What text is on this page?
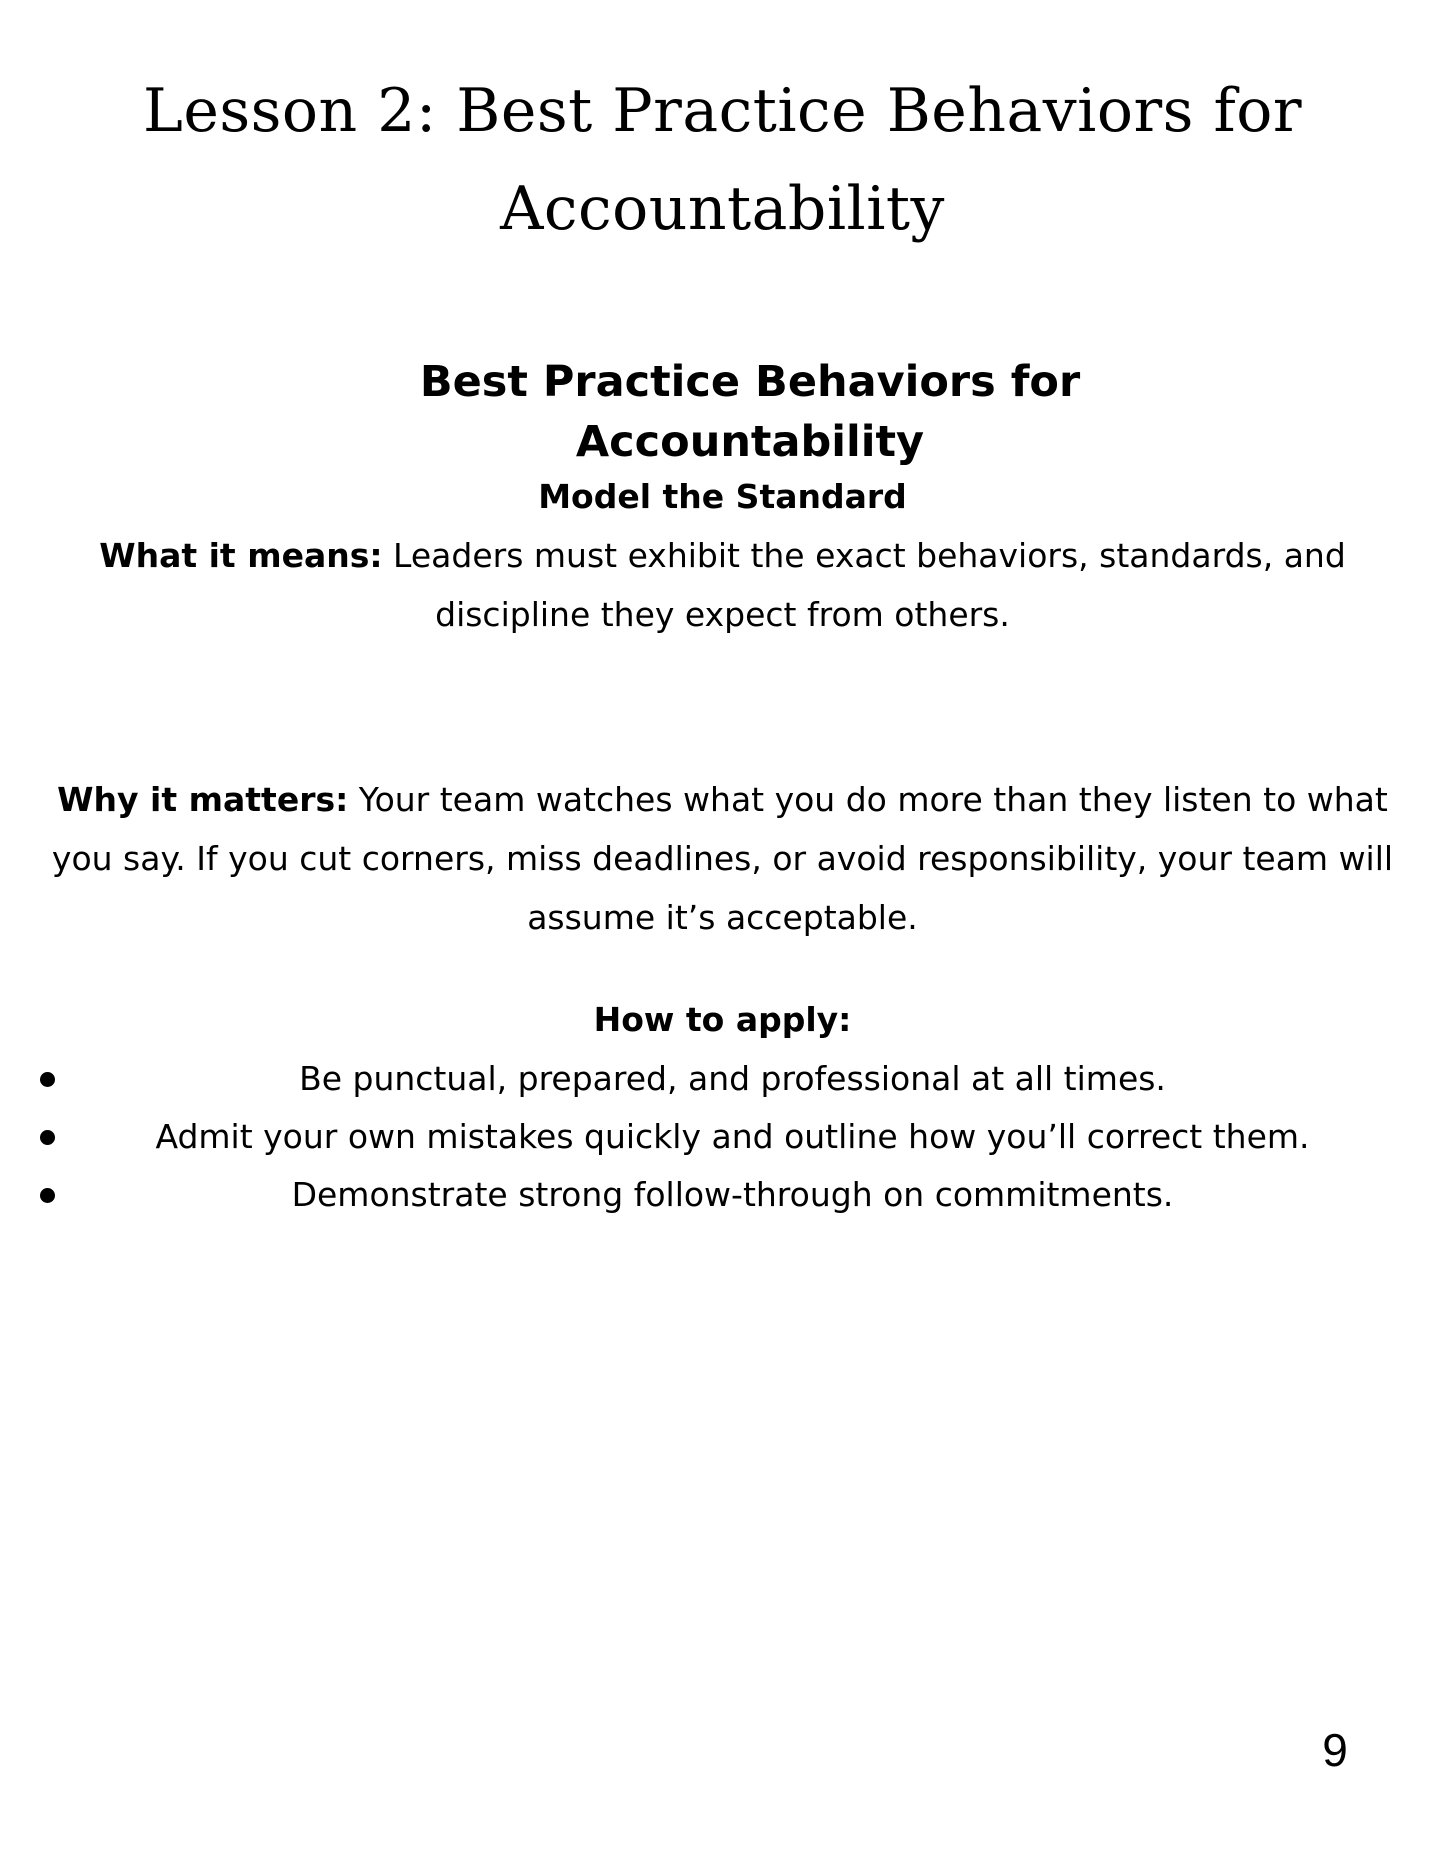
Lesson 2: Best Practice Behaviors for
Accountability
Best Practice Behaviors for Accountability
Model the Standard
What it means: Leaders must exhibit the exact behaviors, standards, and discipline they expect from others.
Why it matters: Your team watches what you do more than they listen to what you say. If you cut corners, miss deadlines, or avoid responsibility, your team will assume it’s acceptable.
How to apply:
Be punctual, prepared, and professional at all times.
Admit your own mistakes quickly and outline how you’ll correct them.
Demonstrate strong follow-through on commitments.
9
